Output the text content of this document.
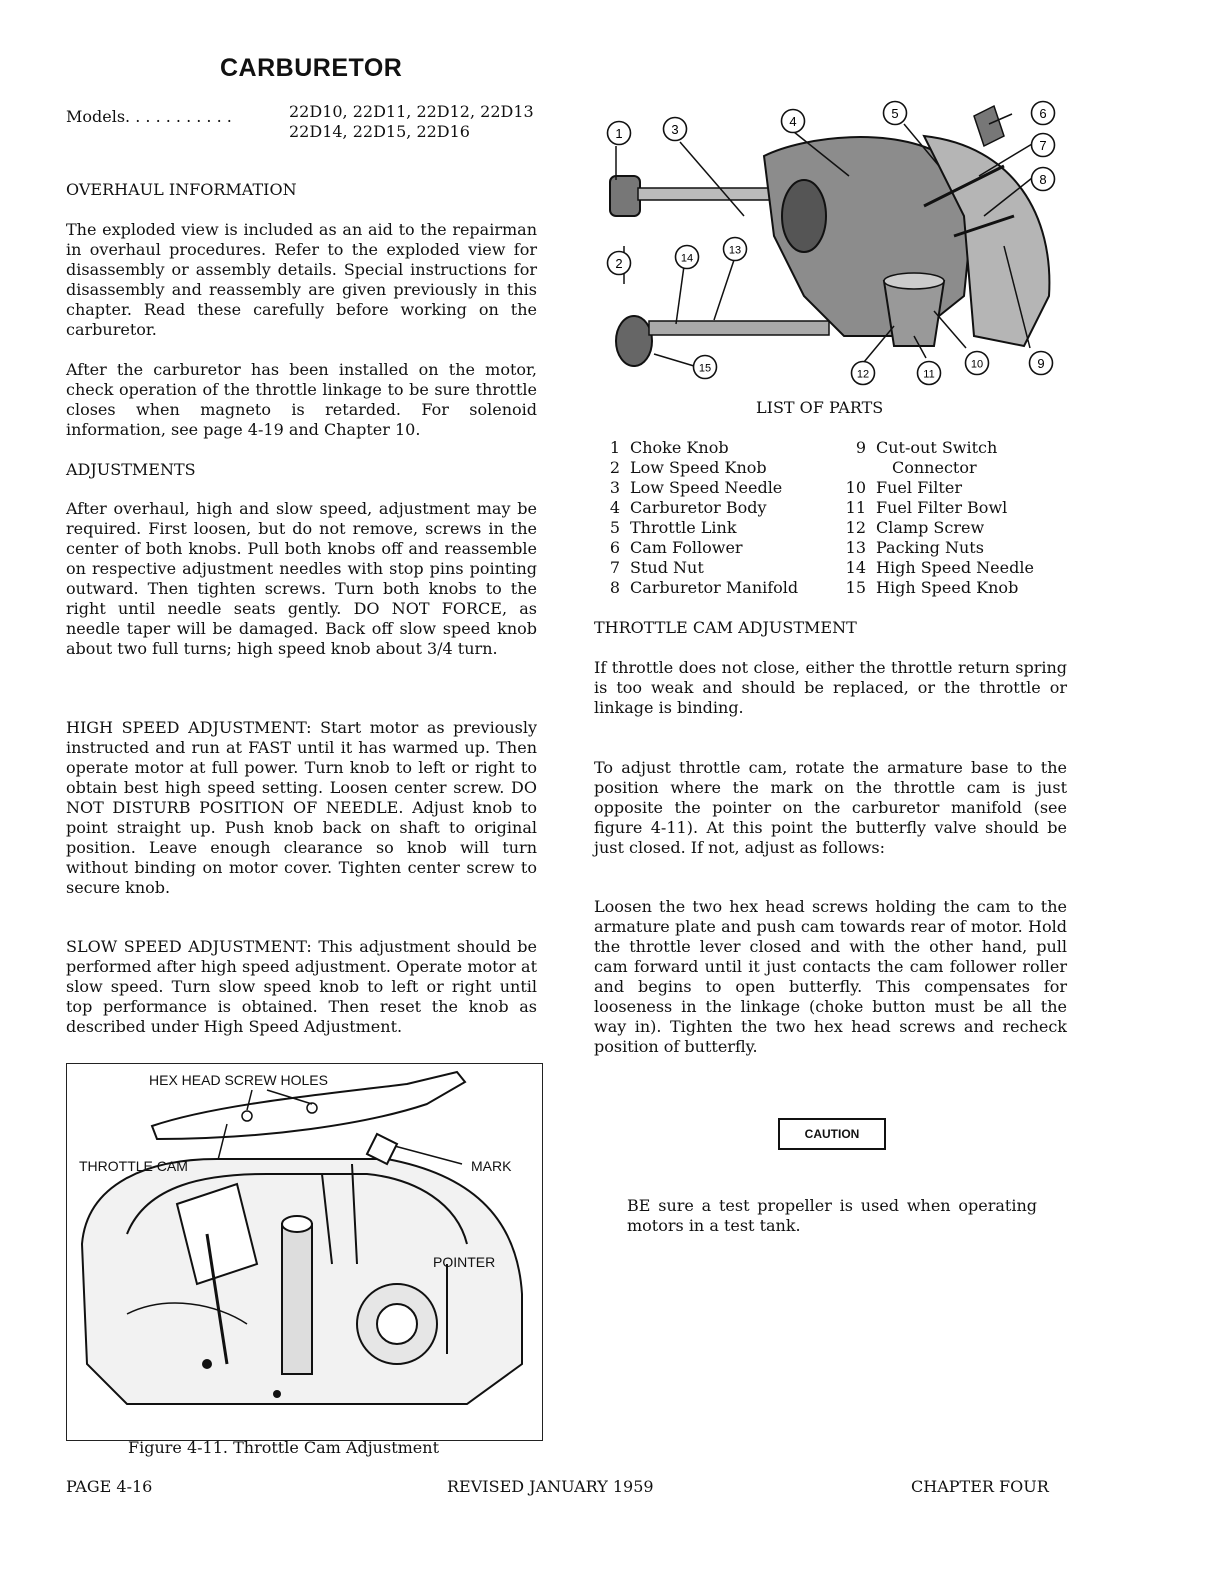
CARBURETOR
Models. . . . . . . . . . .	22D10, 22D11, 22D12, 22D13
22D14, 22D15, 22D16
OVERHAUL INFORMATION

The exploded view is included as an aid to the repairman in overhaul procedures. Refer to the exploded view for disassembly or assembly details. Special instructions for disassembly and reassembly are given previously in this chapter. Read these carefully before working on the carburetor.

After the carburetor has been installed on the motor, check operation of the throttle linkage to be sure throttle closes when magneto is retarded. For solenoid information, see page 4-19 and Chapter 10.

ADJUSTMENTS

After overhaul, high and slow speed, adjustment may be required. First loosen, but do not remove, screws in the center of both knobs. Pull both knobs off and reassemble on respective adjustment needles with stop pins pointing outward. Then tighten screws. Turn both knobs to the right until needle seats gently. DO NOT FORCE, as needle taper will be damaged. Back off slow speed knob about two full turns; high speed knob about 3/4 turn.

HIGH SPEED ADJUSTMENT: Start motor as previously instructed and run at FAST until it has warmed up. Then operate motor at full power. Turn knob to left or right to obtain best high speed setting. Loosen center screw. DO NOT DISTURB POSITION OF NEEDLE. Adjust knob to point straight up. Push knob back on shaft to original position. Leave enough clearance so knob will turn without binding on motor cover. Tighten center screw to secure knob.

SLOW SPEED ADJUSTMENT: This adjustment should be performed after high speed adjustment. Operate motor at slow speed. Turn slow speed knob to left or right until top performance is obtained. Then reset the knob as described under High Speed Adjustment.

HEX HEAD SCREW HOLES
THROTTLE CAM	MARK
POINTER
Figure 4-11. Throttle Cam Adjustment
1
2
3
4
5	6
7
8
9
10
11
12
13
14
15
LIST OF PARTS
1 Choke Knob
2 Low Speed Knob
3 Low Speed Needle
4 Carburetor Body
5 Throttle Link
6 Cam Follower
7 Stud Nut
8 Carburetor Manifold
9 Cut-out Switch
Connector
10 Fuel Filter
11 Fuel Filter Bowl
12 Clamp Screw
13 Packing Nuts
14 High Speed Needle
15 High Speed Knob
THROTTLE CAM ADJUSTMENT

If throttle does not close, either the throttle return spring is too weak and should be replaced, or the throttle or linkage is binding.

To adjust throttle cam, rotate the armature base to the position where the mark on the throttle cam is just opposite the pointer on the carburetor manifold (see figure 4-11). At this point the butterfly valve should be just closed. If not, adjust as follows:

Loosen the two hex head screws holding the cam to the armature plate and push cam towards rear of motor. Hold the throttle lever closed and with the other hand, pull cam forward until it just contacts the cam follower roller and begins to open butterfly. This compensates for looseness in the linkage (choke button must be all the way in). Tighten the two hex head screws and recheck position of butterfly.

CAUTION

BE sure a test propeller is used when operating motors in a test tank.

PAGE 4-16	REVISED JANUARY 1959	CHAPTER FOUR
